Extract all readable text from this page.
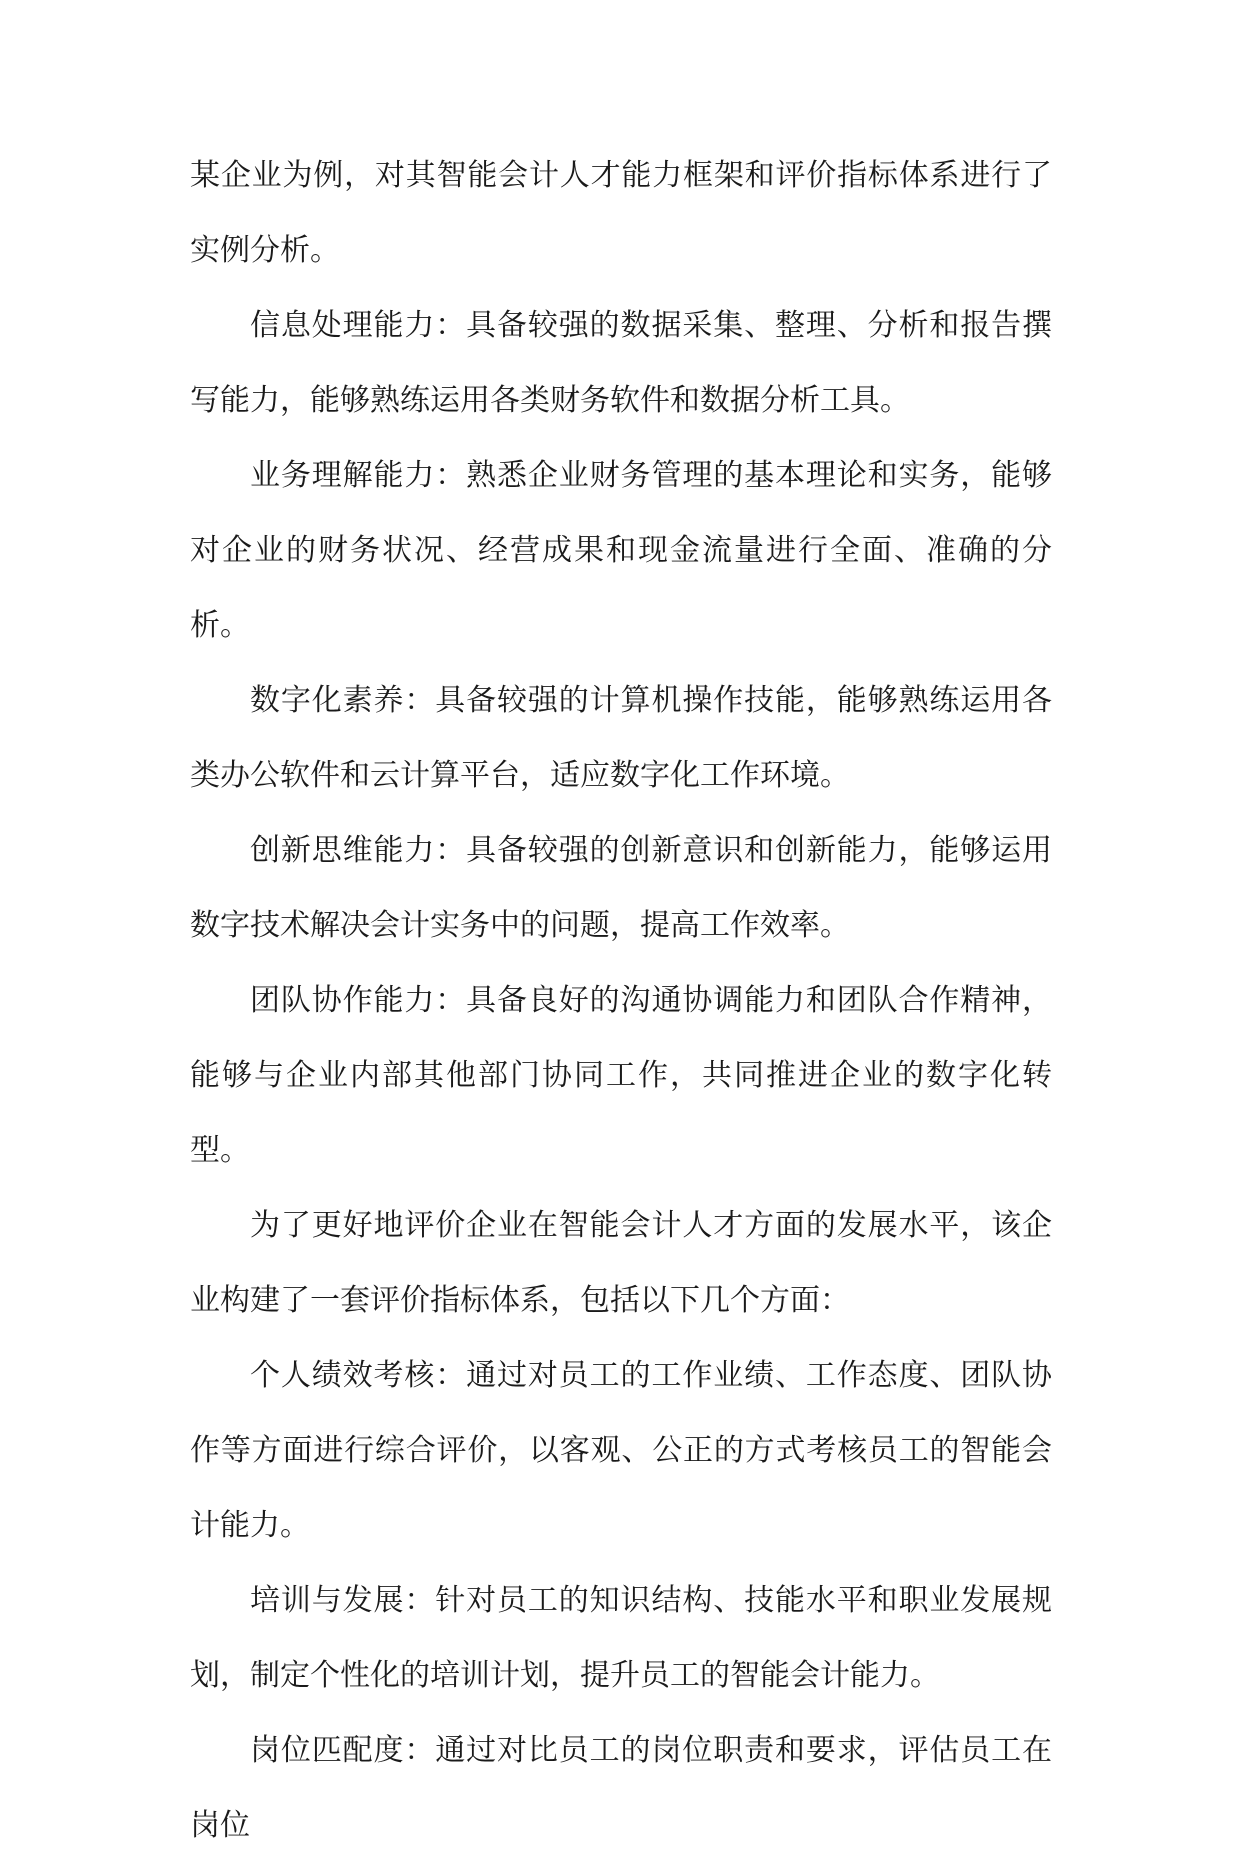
某企业为例，对其智能会计人才能力框架和评价指标体系进行了实例分析。

信息处理能力：具备较强的数据采集、整理、分析和报告撰写能力，能够熟练运用各类财务软件和数据分析工具。

业务理解能力：熟悉企业财务管理的基本理论和实务，能够对企业的财务状况、经营成果和现金流量进行全面、准确的分析。

数字化素养：具备较强的计算机操作技能，能够熟练运用各类办公软件和云计算平台，适应数字化工作环境。

创新思维能力：具备较强的创新意识和创新能力，能够运用数字技术解决会计实务中的问题，提高工作效率。

团队协作能力：具备良好的沟通协调能力和团队合作精神，能够与企业内部其他部门协同工作，共同推进企业的数字化转型。

为了更好地评价企业在智能会计人才方面的发展水平，该企业构建了一套评价指标体系，包括以下几个方面：

个人绩效考核：通过对员工的工作业绩、工作态度、团队协作等方面进行综合评价，以客观、公正的方式考核员工的智能会计能力。

培训与发展：针对员工的知识结构、技能水平和职业发展规划，制定个性化的培训计划，提升员工的智能会计能力。

岗位匹配度：通过对比员工的岗位职责和要求，评估员工在岗位
